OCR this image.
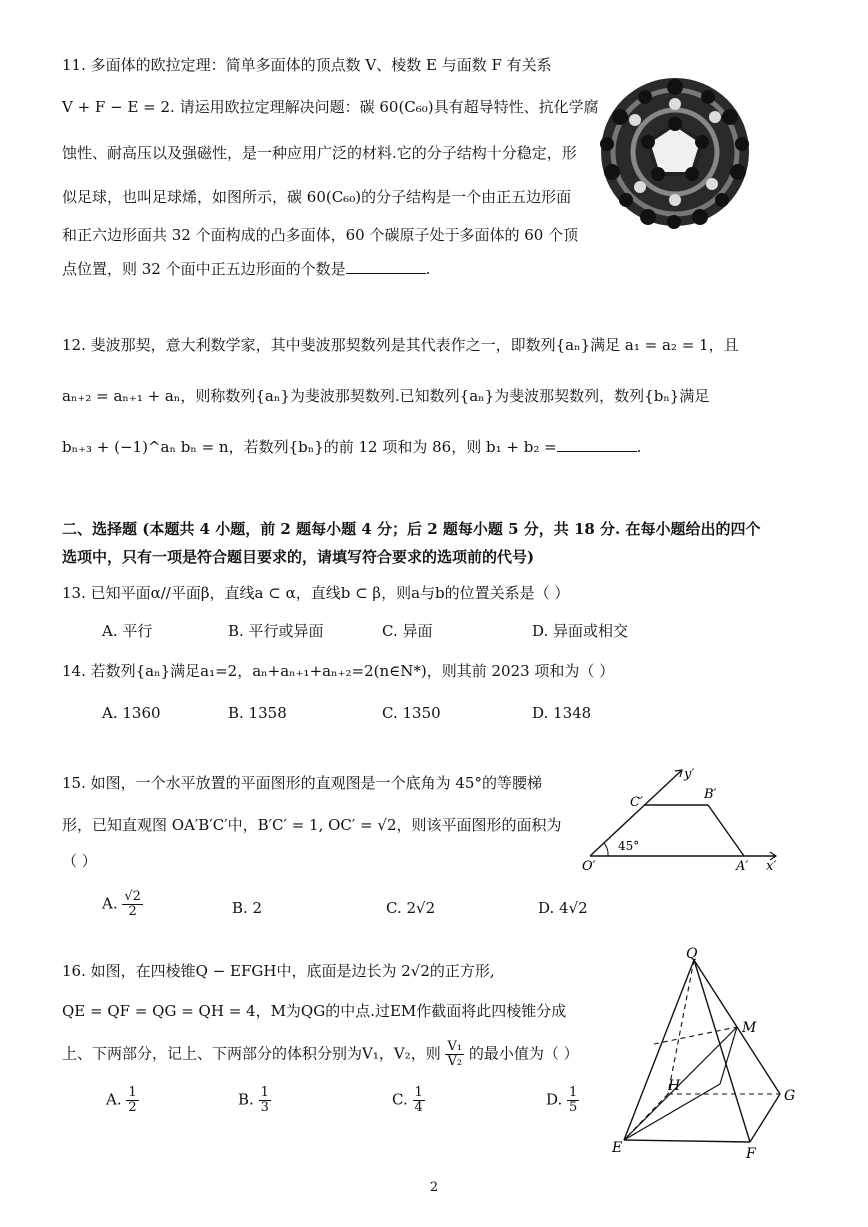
11. 多面体的欧拉定理：简单多面体的顶点数 V、棱数 E 与面数 F 有关系
V + F − E = 2. 请运用欧拉定理解决问题：碳 60(C₆₀)具有超导特性、抗化学腐
蚀性、耐高压以及强磁性，是一种应用广泛的材料.它的分子结构十分稳定，形
似足球，也叫足球烯，如图所示，碳 60(C₆₀)的分子结构是一个由正五边形面
和正六边形面共 32 个面构成的凸多面体，60 个碳原子处于多面体的 60 个顶
点位置，则 32 个面中正五边形面的个数是	.
12. 斐波那契，意大利数学家，其中斐波那契数列是其代表作之一，即数列{aₙ}满足 a₁ = a₂ = 1，且
aₙ₊₂ = aₙ₊₁ + aₙ，则称数列{aₙ}为斐波那契数列.已知数列{aₙ}为斐波那契数列，数列{bₙ}满足
bₙ₊₃ + (−1)^aₙ bₙ = n，若数列{bₙ}的前 12 项和为 86，则 b₁ + b₂ =	.
二、选择题 (本题共 4 小题，前 2 题每小题 4 分；后 2 题每小题 5 分，共 18 分. 在每小题给出的四个
选项中，只有一项是符合题目要求的，请填写符合要求的选项前的代号)
13. 已知平面α//平面β，直线a ⊂ α，直线b ⊂ β，则a与b的位置关系是（ ）
A. 平行	B. 平行或异面	C. 异面	D. 异面或相交
14. 若数列{aₙ}满足a₁=2，aₙ+aₙ₊₁+aₙ₊₂=2(n∈N*)，则其前 2023 项和为（ ）
A. 1360	B. 1358	C. 1350	D. 1348
15. 如图，一个水平放置的平面图形的直观图是一个底角为 45°的等腰梯
形，已知直观图 OA′B′C′中，B′C′ = 1, OC′ = √2，则该平面图形的面积为
（ ）
A. $\frac{√2}{2}$	B. 2	C. 2√2	D. 4√2
y′
C′
B′
O′	A′ x′
45°
16. 如图，在四棱锥Q − EFGH中，底面是边长为 2√2的正方形,
QE = QF = QG = QH = 4，M为QG的中点.过EM作截面将此四棱锥分成
上、下两部分，记上、下两部分的体积分别为V₁，V₂，则 $\frac{\text{V₁}}{\text{V₂}}$ 的最小值为（ ）
A. $\frac{1}{2}$	B. $\frac{1}{3}$	C. $\frac{1}{4}$	D. $\frac{1}{5}$
Q
M
H
G
E	F
2
